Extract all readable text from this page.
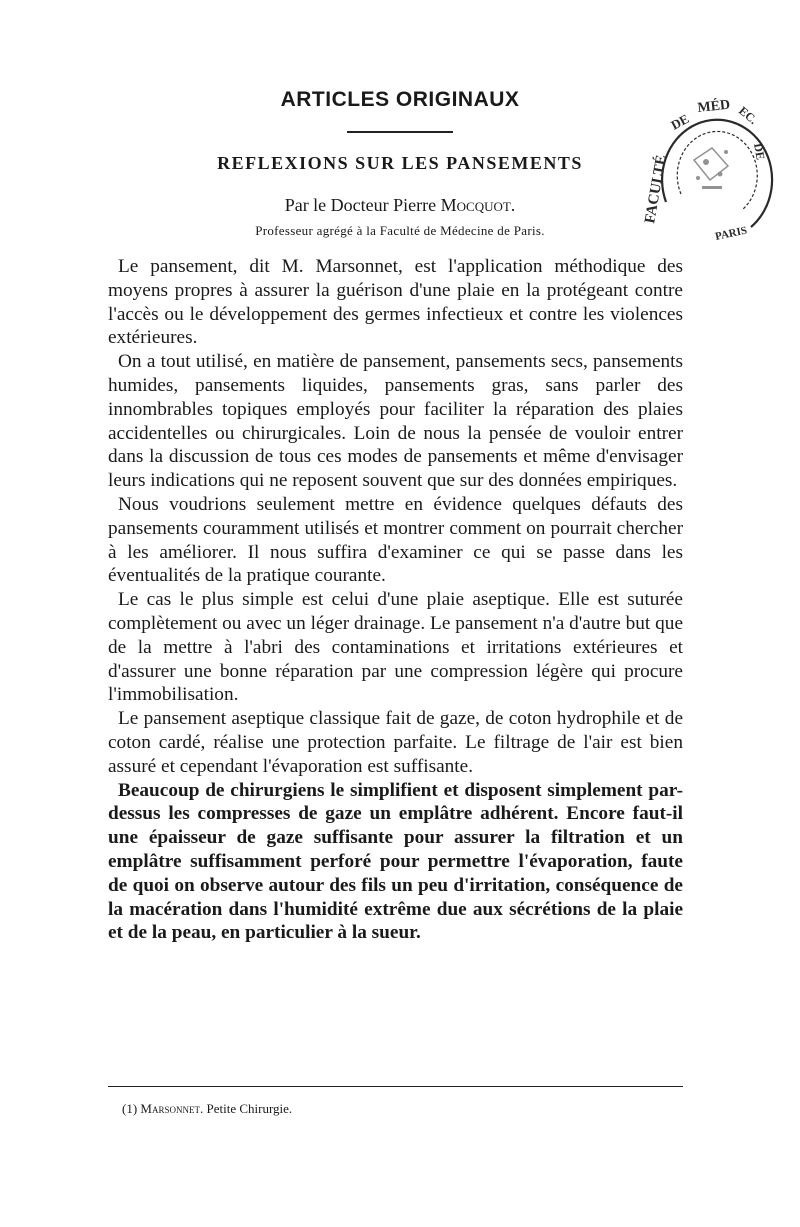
ARTICLES ORIGINAUX
REFLEXIONS SUR LES PANSEMENTS
Par le Docteur Pierre Mocquot.
Professeur agrégé à la Faculté de Médecine de Paris.
FACULTÉ
DE
MÉD EC.
DE
PARIS

Le pansement, dit M. Marsonnet, est l'application méthodique des moyens propres à assurer la guérison d'une plaie en la protégeant contre l'accès ou le développement des germes infectieux et contre les violences extérieures.

On a tout utilisé, en matière de pansement, pansements secs, pansements humides, pansements liquides, pansements gras, sans parler des innombrables topiques employés pour faciliter la réparation des plaies accidentelles ou chirurgicales. Loin de nous la pensée de vouloir entrer dans la discussion de tous ces modes de pansements et même d'envisager leurs indications qui ne reposent souvent que sur des données empiriques.

Nous voudrions seulement mettre en évidence quelques défauts des pansements couramment utilisés et montrer comment on pourrait chercher à les améliorer. Il nous suffira d'examiner ce qui se passe dans les éventualités de la pratique courante.

Le cas le plus simple est celui d'une plaie aseptique. Elle est suturée complètement ou avec un léger drainage. Le pansement n'a d'autre but que de la mettre à l'abri des contaminations et irritations extérieures et d'assurer une bonne réparation par une compression légère qui procure l'immobilisation.

Le pansement aseptique classique fait de gaze, de coton hydrophile et de coton cardé, réalise une protection parfaite. Le filtrage de l'air est bien assuré et cependant l'évaporation est suffisante.

Beaucoup de chirurgiens le simplifient et disposent simplement par-dessus les compresses de gaze un emplâtre adhérent. Encore faut-il une épaisseur de gaze suffisante pour assurer la filtration et un emplâtre suffisamment perforé pour permettre l'évaporation, faute de quoi on observe autour des fils un peu d'irritation, conséquence de la macération dans l'humidité extrême due aux sécrétions de la plaie et de la peau, en particulier à la sueur.

(1) Marsonnet. Petite Chirurgie.
